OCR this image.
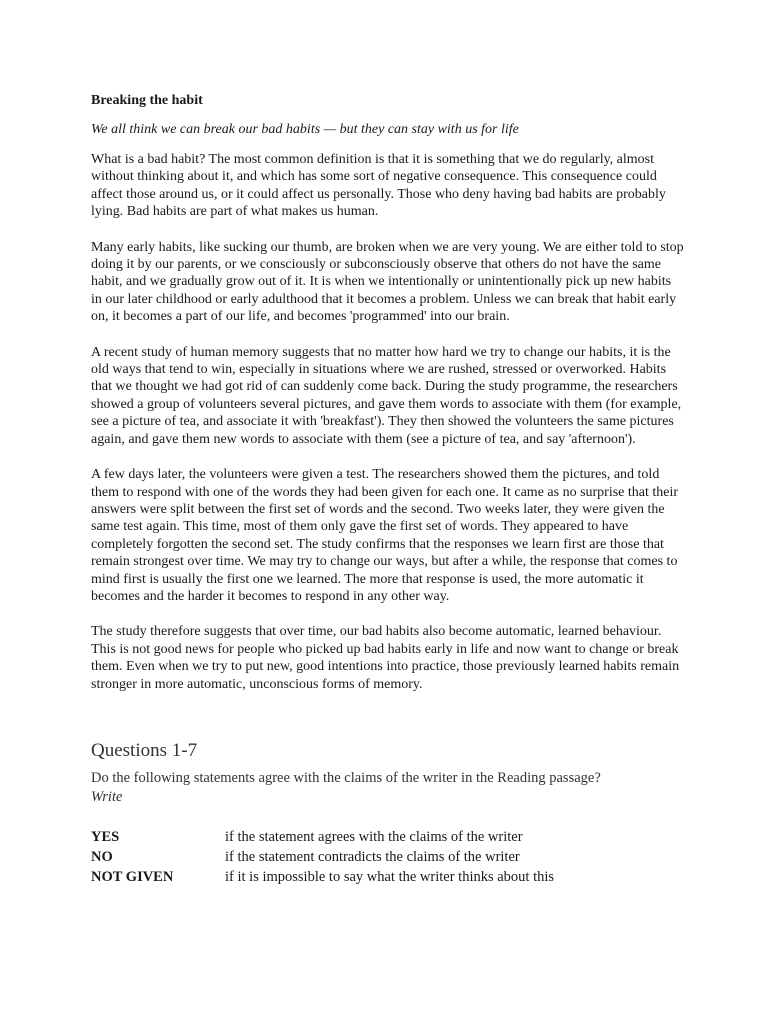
Breaking the habit
We all think we can break our bad habits — but they can stay with us for life

What is a bad habit? The most common definition is that it is something that we do regularly, almost without thinking about it, and which has some sort of negative consequence. This consequence could affect those around us, or it could affect us personally. Those who deny having bad habits are probably lying. Bad habits are part of what makes us human.

Many early habits, like sucking our thumb, are broken when we are very young. We are either told to stop doing it by our parents, or we consciously or subconsciously observe that others do not have the same habit, and we gradually grow out of it. It is when we intentionally or unintentionally pick up new habits in our later childhood or early adulthood that it becomes a problem. Unless we can break that habit early on, it becomes a part of our life, and becomes 'programmed' into our brain.

A recent study of human memory suggests that no matter how hard we try to change our habits, it is the old ways that tend to win, especially in situations where we are rushed, stressed or overworked. Habits that we thought we had got rid of can suddenly come back. During the study programme, the researchers showed a group of volunteers several pictures, and gave them words to associate with them (for example, see a picture of tea, and associate it with 'breakfast'). They then showed the volunteers the same pictures again, and gave them new words to associate with them (see a picture of tea, and say 'afternoon').

A few days later, the volunteers were given a test. The researchers showed them the pictures, and told them to respond with one of the words they had been given for each one. It came as no surprise that their answers were split between the first set of words and the second. Two weeks later, they were given the same test again. This time, most of them only gave the first set of words. They appeared to have completely forgotten the second set. The study confirms that the responses we learn first are those that remain strongest over time. We may try to change our ways, but after a while, the response that comes to mind first is usually the first one we learned. The more that response is used, the more automatic it becomes and the harder it becomes to respond in any other way.

The study therefore suggests that over time, our bad habits also become automatic, learned behaviour. This is not good news for people who picked up bad habits early in life and now want to change or break them. Even when we try to put new, good intentions into practice, those previously learned habits remain stronger in more automatic, unconscious forms of memory.

Questions 1-7

Do the following statements agree with the claims of the writer in the Reading passage?

Write

YES	if the statement agrees with the claims of the writer
NO	if the statement contradicts the claims of the writer
NOT GIVEN	if it is impossible to say what the writer thinks about this
